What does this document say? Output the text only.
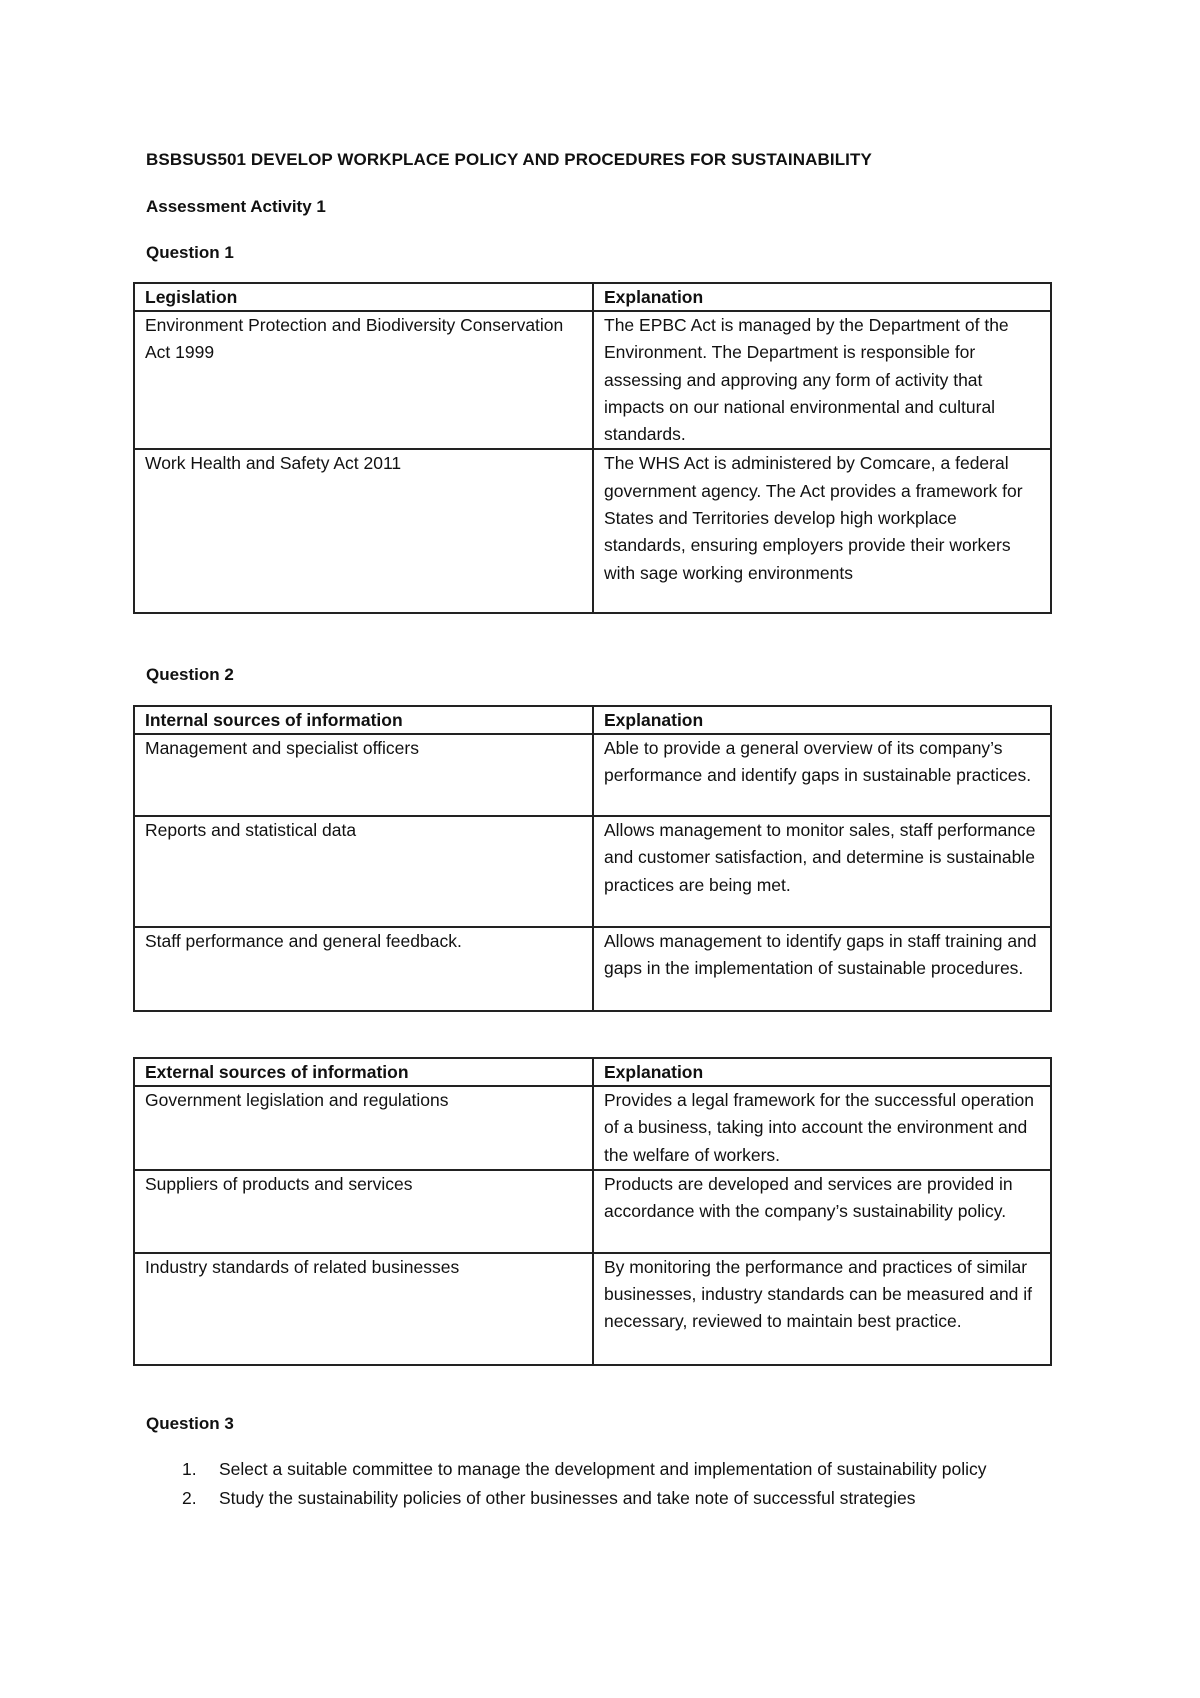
BSBSUS501 DEVELOP WORKPLACE POLICY AND PROCEDURES FOR SUSTAINABILITY
Assessment Activity 1
Question 1
Legislation	Explanation
Environment Protection and Biodiversity Conservation Act 1999	The EPBC Act is managed by the Department of the Environment. The Department is responsible for assessing and approving any form of activity that impacts on our national environmental and cultural standards.
Work Health and Safety Act 2011	The WHS Act is administered by Comcare, a federal government agency. The Act provides a framework for States and Territories develop high workplace standards, ensuring employers provide their workers with sage working environments
Question 2
Internal sources of information	Explanation
Management and specialist officers	Able to provide a general overview of its company’s performance and identify gaps in sustainable practices.
Reports and statistical data	Allows management to monitor sales, staff performance and customer satisfaction, and determine is sustainable practices are being met.
Staff performance and general feedback.	Allows management to identify gaps in staff training and gaps in the implementation of sustainable procedures.
External sources of information	Explanation
Government legislation and regulations	Provides a legal framework for the successful operation of a business, taking into account the environment and the welfare of workers.
Suppliers of products and services	Products are developed and services are provided in accordance with the company’s sustainability policy.
Industry standards of related businesses	By monitoring the performance and practices of similar businesses, industry standards can be measured and if necessary, reviewed to maintain best practice.
Question 3
1. Select a suitable committee to manage the development and implementation of sustainability policy
2. Study the sustainability policies of other businesses and take note of successful strategies
